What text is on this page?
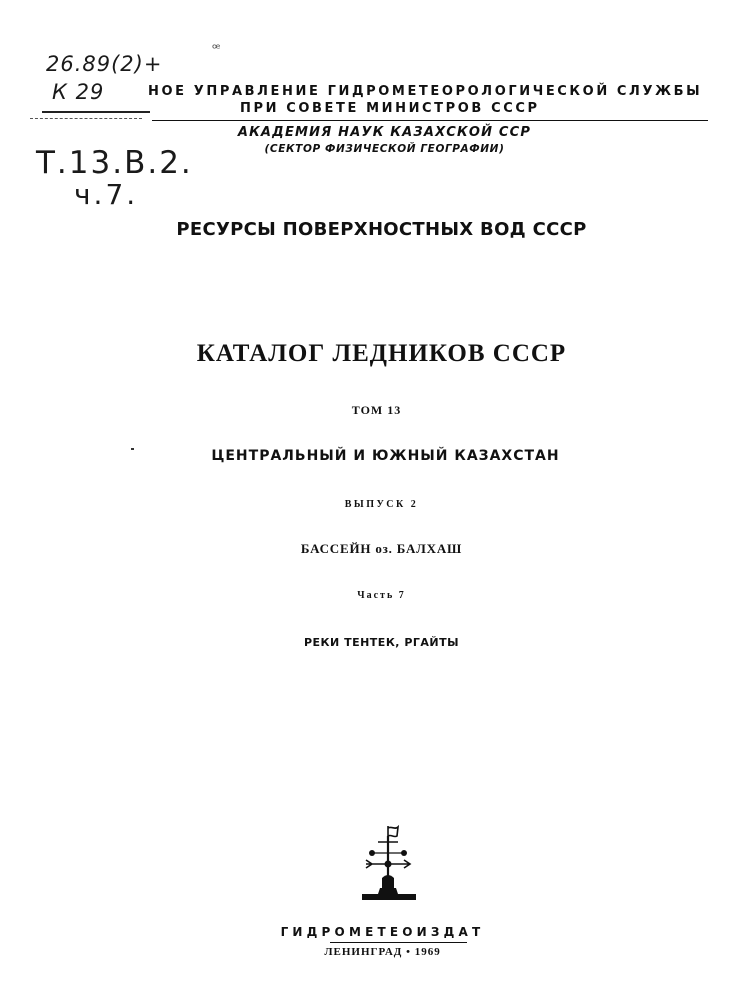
26.89(2)+
К 29
Т.13.В.2.
ч.7.
ꟹ
НОЕ УПРАВЛЕНИЕ ГИДРОМЕТЕОРОЛОГИЧЕСКОЙ СЛУЖБЫ
ПРИ СОВЕТЕ МИНИСТРОВ СССР
АКАДЕМИЯ НАУК КАЗАХСКОЙ ССР
(СЕКТОР ФИЗИЧЕСКОЙ ГЕОГРАФИИ)
РЕСУРСЫ ПОВЕРХНОСТНЫХ ВОД СССР
КАТАЛОГ ЛЕДНИКОВ СССР
ТОМ 13
ЦЕНТРАЛЬНЫЙ И ЮЖНЫЙ КАЗАХСТАН
ВЫПУСК 2
БАССЕЙН оз. БАЛХАШ
Часть 7
РЕКИ ТЕНТЕК, РГАЙТЫ
ГИДРОМЕТЕОИЗДАТ
ЛЕНИНГРАД • 1969
